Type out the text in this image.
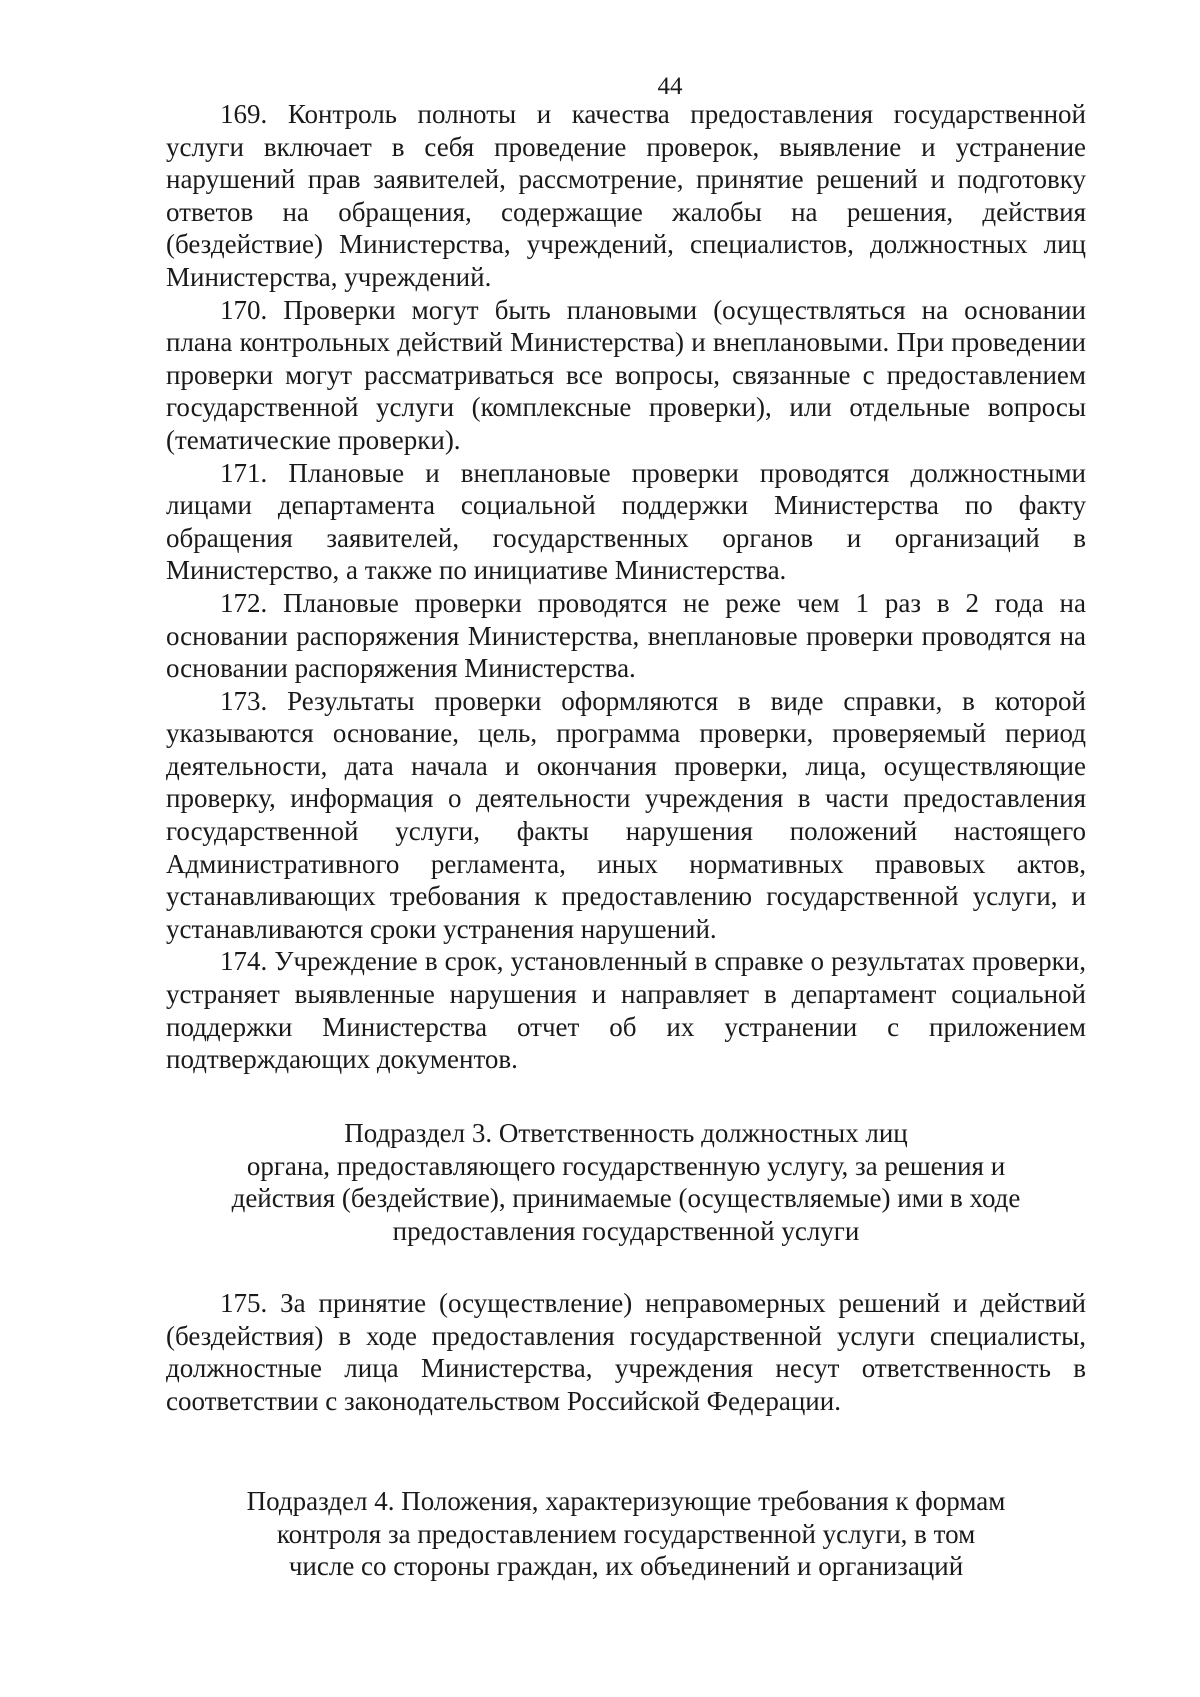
44

169. Контроль полноты и качества предоставления государственной услуги включает в себя проведение проверок, выявление и устранение нарушений прав заявителей, рассмотрение, принятие решений и подготовку ответов на обращения, содержащие жалобы на решения, действия (бездействие) Министерства, учреждений, специалистов, должностных лиц Министерства, учреждений.

170. Проверки могут быть плановыми (осуществляться на основании плана контрольных действий Министерства) и внеплановыми. При проведении проверки могут рассматриваться все вопросы, связанные с предоставлением государственной услуги (комплексные проверки), или отдельные вопросы (тематические проверки).

171. Плановые и внеплановые проверки проводятся должностными лицами департамента социальной поддержки Министерства по факту обращения заявителей, государственных органов и организаций в Министерство, а также по инициативе Министерства.

172. Плановые проверки проводятся не реже чем 1 раз в 2 года на основании распоряжения Министерства, внеплановые проверки проводятся на основании распоряжения Министерства.

173. Результаты проверки оформляются в виде справки, в которой указываются основание, цель, программа проверки, проверяемый период деятельности, дата начала и окончания проверки, лица, осуществляющие проверку, информация о деятельности учреждения в части предоставления государственной услуги, факты нарушения положений настоящего Административного регламента, иных нормативных правовых актов, устанавливающих требования к предоставлению государственной услуги, и устанавливаются сроки устранения нарушений.

174. Учреждение в срок, установленный в справке о результатах проверки, устраняет выявленные нарушения и направляет в департамент социальной поддержки Министерства отчет об их устранении с приложением подтверждающих документов.

Подраздел 3. Ответственность должностных лиц

органа, предоставляющего государственную услугу, за решения и

действия (бездействие), принимаемые (осуществляемые) ими в ходе

предоставления государственной услуги

175. За принятие (осуществление) неправомерных решений и действий (бездействия) в ходе предоставления государственной услуги специалисты, должностные лица Министерства, учреждения несут ответственность в соответствии с законодательством Российской Федерации.

Подраздел 4. Положения, характеризующие требования к формам

контроля за предоставлением государственной услуги, в том

числе со стороны граждан, их объединений и организаций
